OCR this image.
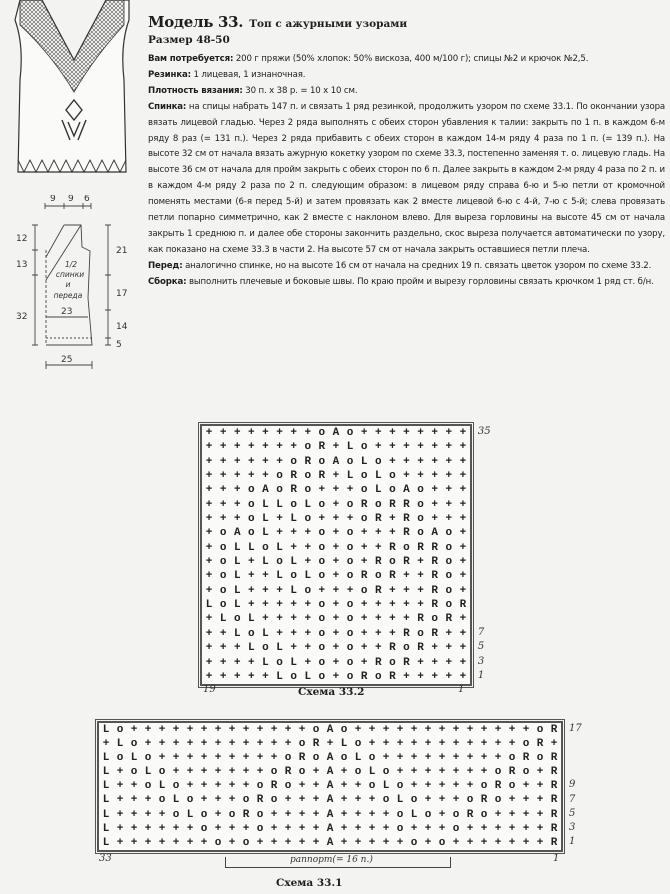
9 9 6
12
13
32
21
17
14
5
23
25
1/2
спинки
и
переда
Модель 33. Топ с ажурными узорами
Размер 48-50

Вам потребуется: 200 г пряжи (50% хлопок: 50% вискоза, 400 м/100 г); спицы №2 и крючок №2,5.

Резинка: 1 лицевая, 1 изнаночная.

Плотность вязания: 30 п. х 38 р. = 10 х 10 см.

Спинка: на спицы набрать 147 п. и связать 1 ряд резинкой, продолжить узором по схеме 33.1. По окончании узора вязать лицевой гладью. Через 2 ряда выполнять с обеих сторон убавления к талии: закрыть по 1 п. в каждом 6-м ряду 8 раз (= 131 п.). Через 2 ряда прибавить с обеих сторон в каждом 14-м ряду 4 раза по 1 п. (= 139 п.). На высоте 32 см от начала вязать ажурную кокетку узором по схеме 33.3, постепенно заменяя т. о. лицевую гладь. На высоте 36 см от начала для пройм закрыть с обеих сторон по 6 п. Далее закрыть в каждом 2-м ряду 4 раза по 2 п. и в каждом 4-м ряду 2 раза по 2 п. следующим образом: в лицевом ряду справа 6-ю и 5-ю петли от кромочной поменять местами (6-я перед 5-й) и затем провязать как 2 вместе лицевой 6-ю с 4-й, 7-ю с 5-й; слева провязать петли попарно симметрично, как 2 вместе с наклоном влево. Для выреза горловины на высоте 45 см от начала закрыть 1 среднюю п. и далее обе стороны закончить раздельно, скос выреза получается автоматически по узору, как показано на схеме 33.3 в части 2. На высоте 57 см от начала закрыть оставшиеся петли плеча.

Перед: аналогично спинке, но на высоте 16 см от начала на средних 19 п. связать цветок узором по схеме 33.2.

Сборка: выполнить плечевые и боковые швы. По краю пройм и вырезу горловины связать крючком 1 ряд ст. б/н.

++++++++oAo++++++++
+++++++oR+Lo+++++++
++++++oRoAoLo++++++
+++++oRoR+LoLo+++++
+++oAoRo+++oLoAo+++
+++oLLoLo+oRoRRo+++
+++oL+Lo+++oR+Ro+++
+oAoL+++o+o+++RoAo+
+oLLoL++o+o++RoRRo+
+oL+LoL+o+o+RoR+Ro+
+oL++LoLo+oRoR++Ro+
+oL+++Lo+++oR+++Ro+
LoL+++++o+o+++++RoR
+LoL++++o+o++++RoR+
++LoL+++o+o+++RoR++
+++LoL++o+o++RoR+++
++++LoL+o+o+RoR++++
+++++LoLo+oRoR+++++
35
7
5
3
1
19	1
Схема 33.2
Lo+++++++++++++oAo+++++++++++++oR
+Lo+++++++++++oR+Lo+++++++++++oR+
LoLo+++++++++oRoAoLo+++++++++oRoR
L+oLo+++++++oRo+A+oLo+++++++oRo+R
L++oLo+++++oRo++A++oLo+++++oRo++R
L+++oLo+++oRo+++A+++oLo+++oRo+++R
L++++oLo+oRo++++A++++oLo+oRo++++R
L++++++o+++o++++A++++o+++o++++++R
L+++++++o+o+++++A+++++o+o+++++++R
17
9
7
5
3
1
33	1
раппорт(= 16 п.)
Схема 33.1
